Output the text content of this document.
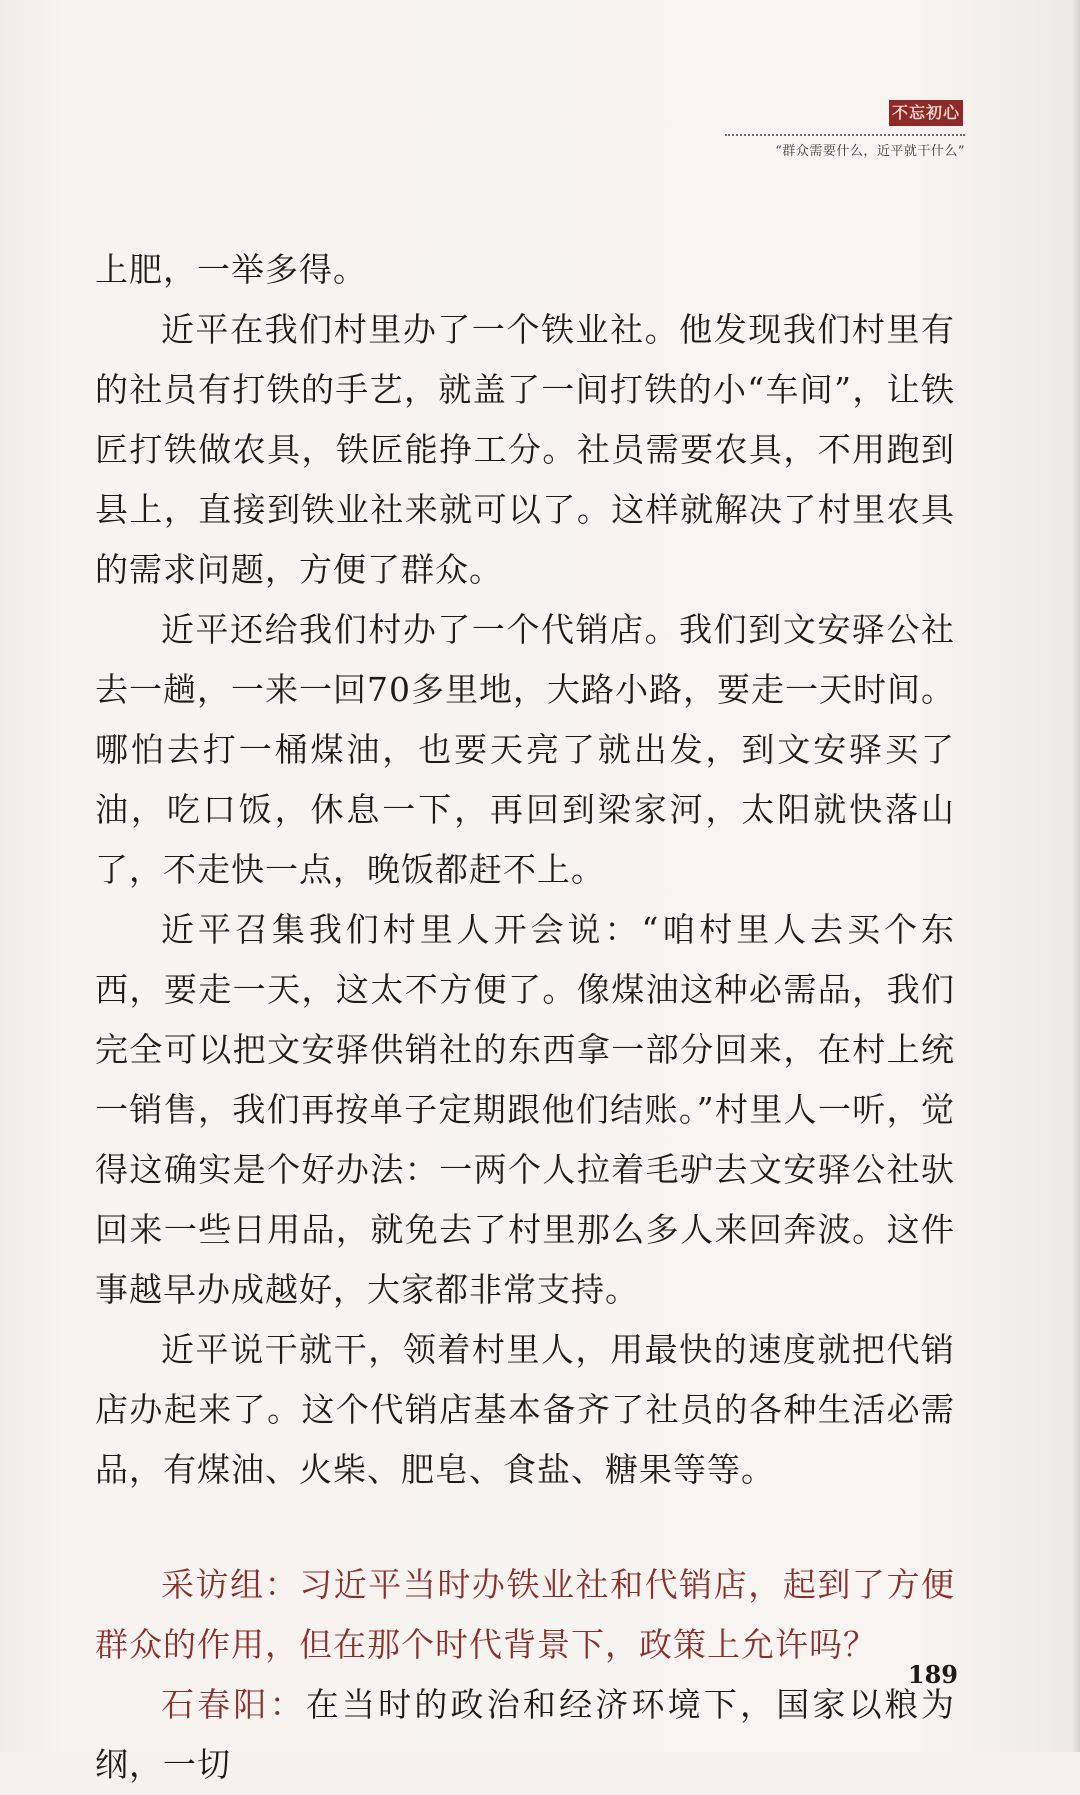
不忘初心
“群众需要什么，近平就干什么”

上肥，一举多得。

近平在我们村里办了一个铁业社。他发现我们村里有的社员有打铁的手艺，就盖了一间打铁的小“车间”，让铁匠打铁做农具，铁匠能挣工分。社员需要农具，不用跑到县上，直接到铁业社来就可以了。这样就解决了村里农具的需求问题，方便了群众。

近平还给我们村办了一个代销店。我们到文安驿公社去一趟，一来一回70多里地，大路小路，要走一天时间。哪怕去打一桶煤油，也要天亮了就出发，到文安驿买了油，吃口饭，休息一下，再回到梁家河，太阳就快落山了，不走快一点，晚饭都赶不上。

近平召集我们村里人开会说：“咱村里人去买个东西，要走一天，这太不方便了。像煤油这种必需品，我们完全可以把文安驿供销社的东西拿一部分回来，在村上统一销售，我们再按单子定期跟他们结账。”村里人一听，觉得这确实是个好办法：一两个人拉着毛驴去文安驿公社驮回来一些日用品，就免去了村里那么多人来回奔波。这件事越早办成越好，大家都非常支持。

近平说干就干，领着村里人，用最快的速度就把代销店办起来了。这个代销店基本备齐了社员的各种生活必需品，有煤油、火柴、肥皂、食盐、糖果等等。

采访组：习近平当时办铁业社和代销店，起到了方便群众的作用，但在那个时代背景下，政策上允许吗？

石春阳：在当时的政治和经济环境下，国家以粮为纲，一切

189
